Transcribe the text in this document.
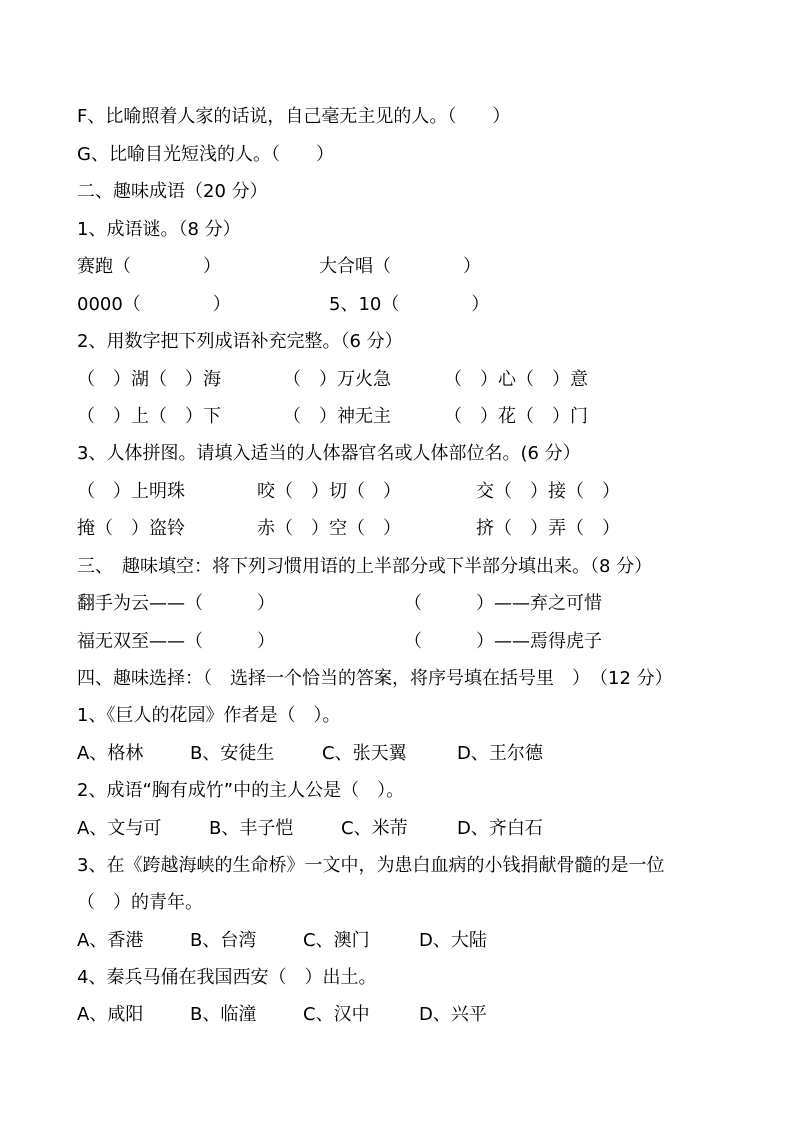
F、比喻照着人家的话说，自己毫无主见的人。（　　）
G、比喻目光短浅的人。（　　）
二、趣味成语（20 分）
1、成语谜。（8 分）
赛跑（　　　　）	大合唱（　　　　）
0000（　　　　）	5、10（　　　　）
2、用数字把下列成语补充完整。（6 分）
（　）湖（　）海	（　）万火急	（　）心（　）意
（　）上（　）下	（　）神无主	（　）花（　）门
3、人体拼图。请填入适当的人体器官名或人体部位名。(6 分）
（　）上明珠	咬（　）切（　）	交（　）接（　）
掩（　）盗铃	赤（　）空（　）	挤（　）弄（　）
三、　趣味填空：将下列习惯用语的上半部分或下半部分填出来。（8 分）
翻手为云——（　　　）	（　　　）——弃之可惜
福无双至——（　　　）	（　　　）——焉得虎子
四、趣味选择：（　选择一个恰当的答案，将序号填在括号里　）　（12 分）
1、《巨人的花园》作者是（　）。
A、格林	B、安徒生	C、张天翼	D、王尔德
2、成语“胸有成竹”中的主人公是（　）。
A、文与可	B、丰子恺	C、米芾	D、齐白石
3、在《跨越海峡的生命桥》一文中，为患白血病的小钱捐献骨髓的是一位
（　）的青年。
A、香港	B、台湾	C、澳门	D、大陆
4、秦兵马俑在我国西安（　）出土。
A、咸阳	B、临潼	C、汉中	D、兴平
